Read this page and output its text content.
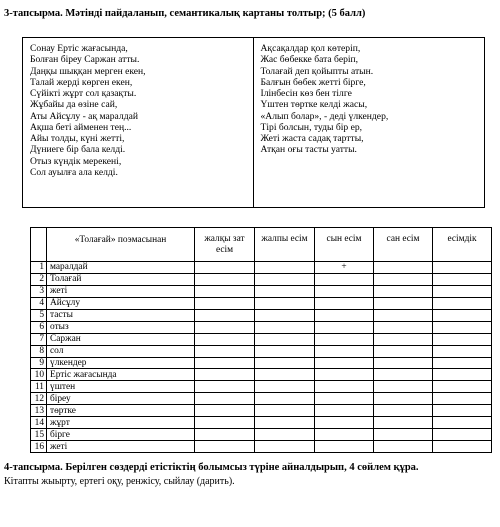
3-тапсырма. Мәтінді пайдаланып, семантикалық картаны толтыр; (5 балл)
Сонау Ертіс жағасында,
Болған біреу Саржан атты.
Даңқы шыққан мерген екен,
Талай жерді көрген екен,
Сүйікті жұрт сол қазақты.
Жұбайы да өзіне сай,
Аты Айсұлу - ақ маралдай
Ақша беті айменен тең...
Айы толды, күні жетті,
Дүниеге бір бала келді.
Отыз күндік мерекені,
Сол ауылға ала келді.
Ақсақалдар қол көтеріп,
Жас бөбекке бата беріп,
Толағай деп қойыпты атын.
Балғын бөбек жетті бірге,
Ілінбесін көз бен тілге
Үштен төртке келді жасы,
«Алып болар», - деді үлкендер,
Тірі болсын, туды бір ер,
Жеті жаста садақ тартты,
Атқан оғы тасты уатты.
	«Толағай» поэмасынан	жалқы зат есім	жалпы есім	сын есім	сан есім	есімдік
1	маралдай			+		
2	Толағай					
3	жеті					
4	Айсұлу					
5	тасты					
6	отыз					
7	Саржан					
8	сол					
9	үлкендер					
10	Ертіс жағасында					
11	үштен					
12	біреу					
13	төртке					
14	жұрт					
15	бірге					
16	жеті					
4-тапсырма. Берілген сөздерді етістіктің болымсыз түріне айналдырып, 4 сөйлем құра.
Кітапты жыырту, ертегі оқу, ренжісу, сыйлау (дарить).
